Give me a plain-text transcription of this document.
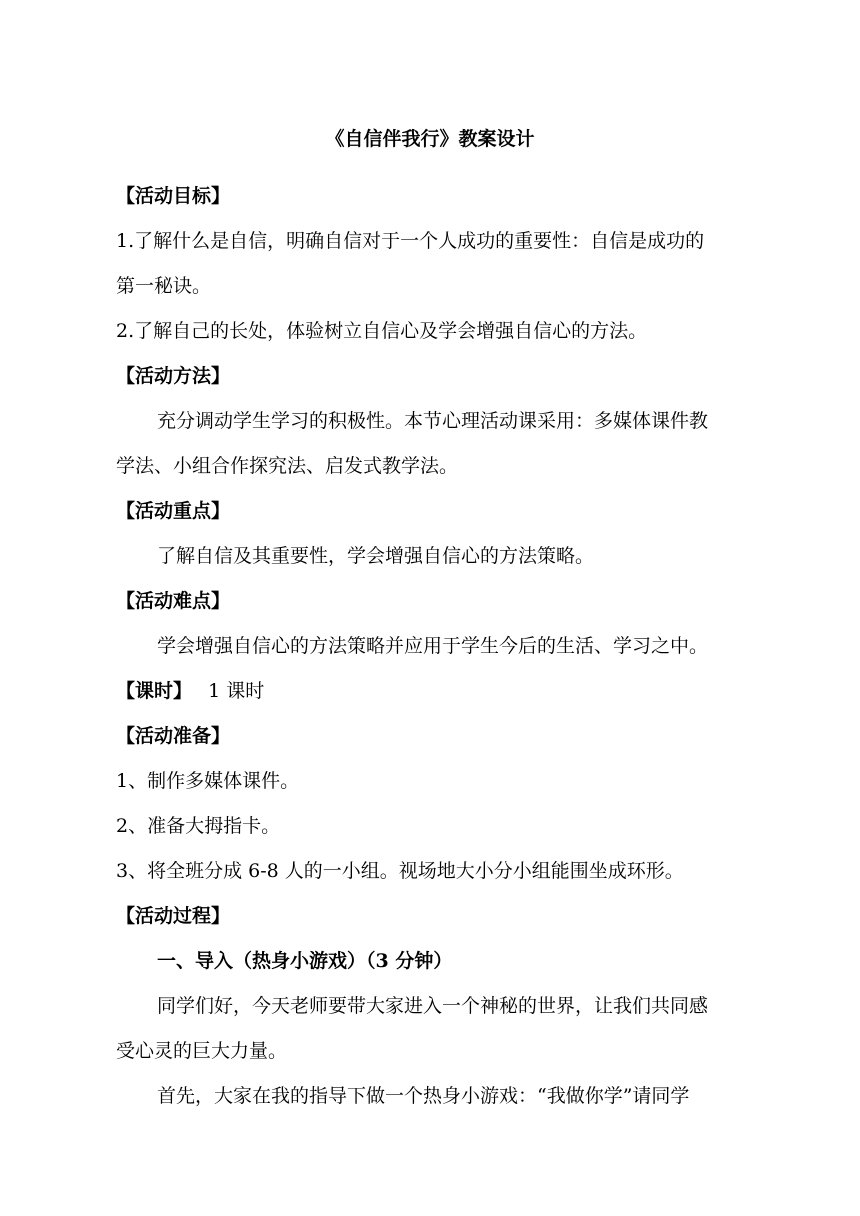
《自信伴我行》教案设计
【活动目标】
1.了解什么是自信，明确自信对于一个人成功的重要性：自信是成功的
第一秘诀。
2.了解自己的长处，体验树立自信心及学会增强自信心的方法。
【活动方法】
充分调动学生学习的积极性。本节心理活动课采用：多媒体课件教
学法、小组合作探究法、启发式教学法。
【活动重点】
了解自信及其重要性，学会增强自信心的方法策略。
【活动难点】
学会增强自信心的方法策略并应用于学生今后的生活、学习之中。
【课时】 1 课时
【活动准备】
1、制作多媒体课件。
2、准备大拇指卡。
3、将全班分成 6-8 人的一小组。视场地大小分小组能围坐成环形。
【活动过程】
一、导入（热身小游戏）（3 分钟）
同学们好，今天老师要带大家进入一个神秘的世界，让我们共同感
受心灵的巨大力量。
首先，大家在我的指导下做一个热身小游戏：“我做你学”请同学
